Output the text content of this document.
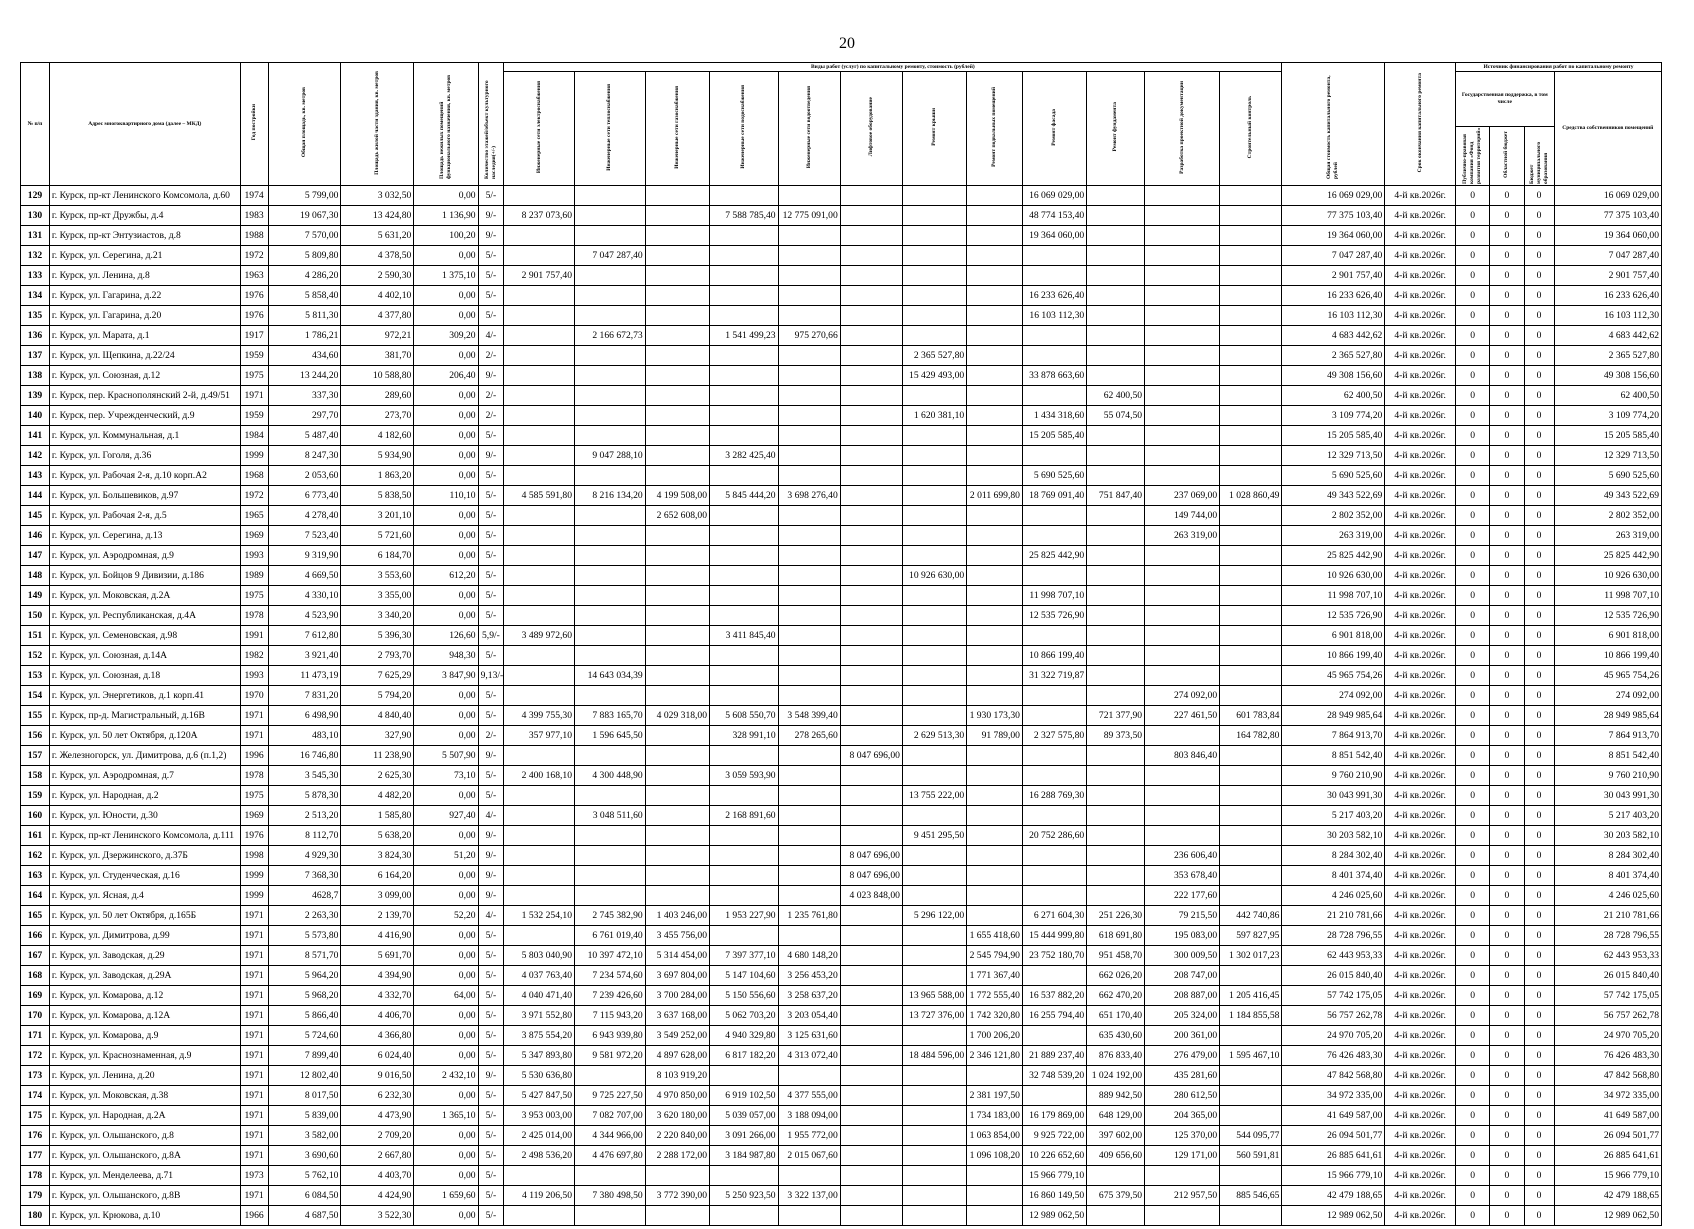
20
№ п/п	Адрес многоквартирного дома (далее – МКД)	Год постройки	Общая площадь, кв. метров	Площадь жилой части здания, кв. метров	Площадь нежилых помещений функционального назначения, кв. метров	Количество этажей/объект культурного наследия(+/-)	Виды работ (услуг) по капитальному ремонту, стоимость (рублей)												Общая стоимость капитального ремонта, рублей	Срок окончания капитального ремонта	Источник финансирования работ по капитальному ремонту			
							Инженерные сети электроснабжения	Инженерные сети теплоснабжения	Инженерные сети газоснабжения	Инженерные сети водоснабжения	Инженерные сети водоотведения	Лифтовое оборудование	Ремонт крыши	Ремонт подвальных помещений	Ремонт фасада	Ремонт фундамента	Разработка проектной документации	Строительный контроль			Государственная поддержка, в том числе			Средства собственников помещений
																					Публично-правовая компания «Фонд развития территорий»	Областной бюджет	Бюджет муниципального образования	
129	г. Курск, пр-кт Ленинского Комсомола, д.60	1974	5 799,00	3 032,50	0,00	5/-									16 069 029,00				16 069 029,00	4-й кв.2026г.	0	0	0	16 069 029,00
130	г. Курск, пр-кт Дружбы, д.4	1983	19 067,30	13 424,80	1 136,90	9/-	8 237 073,60			7 588 785,40	12 775 091,00				48 774 153,40				77 375 103,40	4-й кв.2026г.	0	0	0	77 375 103,40
131	г. Курск, пр-кт Энтузиастов, д.8	1988	7 570,00	5 631,20	100,20	9/-									19 364 060,00				19 364 060,00	4-й кв.2026г.	0	0	0	19 364 060,00
132	г. Курск, ул. Серегина, д.21	1972	5 809,80	4 378,50	0,00	5/-		7 047 287,40											7 047 287,40	4-й кв.2026г.	0	0	0	7 047 287,40
133	г. Курск, ул. Ленина, д.8	1963	4 286,20	2 590,30	1 375,10	5/-	2 901 757,40												2 901 757,40	4-й кв.2026г.	0	0	0	2 901 757,40
134	г. Курск, ул. Гагарина, д.22	1976	5 858,40	4 402,10	0,00	5/-									16 233 626,40				16 233 626,40	4-й кв.2026г.	0	0	0	16 233 626,40
135	г. Курск, ул. Гагарина, д.20	1976	5 811,30	4 377,80	0,00	5/-									16 103 112,30				16 103 112,30	4-й кв.2026г.	0	0	0	16 103 112,30
136	г. Курск, ул. Марата, д.1	1917	1 786,21	972,21	309,20	4/-		2 166 672,73		1 541 499,23	975 270,66								4 683 442,62	4-й кв.2026г.	0	0	0	4 683 442,62
137	г. Курск, ул. Щепкина, д.22/24	1959	434,60	381,70	0,00	2/-							2 365 527,80						2 365 527,80	4-й кв.2026г.	0	0	0	2 365 527,80
138	г. Курск, ул. Союзная, д.12	1975	13 244,20	10 588,80	206,40	9/-							15 429 493,00		33 878 663,60				49 308 156,60	4-й кв.2026г.	0	0	0	49 308 156,60
139	г. Курск, пер. Краснополянский 2-й, д.49/51	1971	337,30	289,60	0,00	2/-										62 400,50			62 400,50	4-й кв.2026г.	0	0	0	62 400,50
140	г. Курск, пер. Учрежденческий, д.9	1959	297,70	273,70	0,00	2/-							1 620 381,10		1 434 318,60	55 074,50			3 109 774,20	4-й кв.2026г.	0	0	0	3 109 774,20
141	г. Курск, ул. Коммунальная, д.1	1984	5 487,40	4 182,60	0,00	5/-									15 205 585,40				15 205 585,40	4-й кв.2026г.	0	0	0	15 205 585,40
142	г. Курск, ул. Гоголя, д.36	1999	8 247,30	5 934,90	0,00	9/-		9 047 288,10		3 282 425,40									12 329 713,50	4-й кв.2026г.	0	0	0	12 329 713,50
143	г. Курск, ул. Рабочая 2-я, д.10 корп.А2	1968	2 053,60	1 863,20	0,00	5/-									5 690 525,60				5 690 525,60	4-й кв.2026г.	0	0	0	5 690 525,60
144	г. Курск, ул. Большевиков, д.97	1972	6 773,40	5 838,50	110,10	5/-	4 585 591,80	8 216 134,20	4 199 508,00	5 845 444,20	3 698 276,40			2 011 699,80	18 769 091,40	751 847,40	237 069,00	1 028 860,49	49 343 522,69	4-й кв.2026г.	0	0	0	49 343 522,69
145	г. Курск, ул. Рабочая 2-я, д.5	1965	4 278,40	3 201,10	0,00	5/-			2 652 608,00								149 744,00		2 802 352,00	4-й кв.2026г.	0	0	0	2 802 352,00
146	г. Курск, ул. Серегина, д.13	1969	7 523,40	5 721,60	0,00	5/-											263 319,00		263 319,00	4-й кв.2026г.	0	0	0	263 319,00
147	г. Курск, ул. Аэродромная, д.9	1993	9 319,90	6 184,70	0,00	5/-									25 825 442,90				25 825 442,90	4-й кв.2026г.	0	0	0	25 825 442,90
148	г. Курск, ул. Бойцов 9 Дивизии, д.186	1989	4 669,50	3 553,60	612,20	5/-							10 926 630,00						10 926 630,00	4-й кв.2026г.	0	0	0	10 926 630,00
149	г. Курск, ул. Моковская, д.2А	1975	4 330,10	3 355,00	0,00	5/-									11 998 707,10				11 998 707,10	4-й кв.2026г.	0	0	0	11 998 707,10
150	г. Курск, ул. Республиканская, д.4А	1978	4 523,90	3 340,20	0,00	5/-									12 535 726,90				12 535 726,90	4-й кв.2026г.	0	0	0	12 535 726,90
151	г. Курск, ул. Семеновская, д.98	1991	7 612,80	5 396,30	126,60	5,9/-	3 489 972,60			3 411 845,40									6 901 818,00	4-й кв.2026г.	0	0	0	6 901 818,00
152	г. Курск, ул. Союзная, д.14А	1982	3 921,40	2 793,70	948,30	5/-									10 866 199,40				10 866 199,40	4-й кв.2026г.	0	0	0	10 866 199,40
153	г. Курск, ул. Союзная, д.18	1993	11 473,19	7 625,29	3 847,90	9,13/-		14 643 034,39							31 322 719,87				45 965 754,26	4-й кв.2026г.	0	0	0	45 965 754,26
154	г. Курск, ул. Энергетиков, д.1 корп.41	1970	7 831,20	5 794,20	0,00	5/-											274 092,00		274 092,00	4-й кв.2026г.	0	0	0	274 092,00
155	г. Курск, пр-д. Магистральный, д.16В	1971	6 498,90	4 840,40	0,00	5/-	4 399 755,30	7 883 165,70	4 029 318,00	5 608 550,70	3 548 399,40			1 930 173,30		721 377,90	227 461,50	601 783,84	28 949 985,64	4-й кв.2026г.	0	0	0	28 949 985,64
156	г. Курск, ул. 50 лет Октября, д.120А	1971	483,10	327,90	0,00	2/-	357 977,10	1 596 645,50		328 991,10	278 265,60		2 629 513,30	91 789,00	2 327 575,80	89 373,50		164 782,80	7 864 913,70	4-й кв.2026г.	0	0	0	7 864 913,70
157	г. Железногорск, ул. Димитрова, д.6 (п.1,2)	1996	16 746,80	11 238,90	5 507,90	9/-						8 047 696,00					803 846,40		8 851 542,40	4-й кв.2026г.	0	0	0	8 851 542,40
158	г. Курск, ул. Аэродромная, д.7	1978	3 545,30	2 625,30	73,10	5/-	2 400 168,10	4 300 448,90		3 059 593,90									9 760 210,90	4-й кв.2026г.	0	0	0	9 760 210,90
159	г. Курск, ул. Народная, д.2	1975	5 878,30	4 482,20	0,00	5/-							13 755 222,00		16 288 769,30				30 043 991,30	4-й кв.2026г.	0	0	0	30 043 991,30
160	г. Курск, ул. Юности, д.30	1969	2 513,20	1 585,80	927,40	4/-		3 048 511,60		2 168 891,60									5 217 403,20	4-й кв.2026г.	0	0	0	5 217 403,20
161	г. Курск, пр-кт Ленинского Комсомола, д.111	1976	8 112,70	5 638,20	0,00	9/-							9 451 295,50		20 752 286,60				30 203 582,10	4-й кв.2026г.	0	0	0	30 203 582,10
162	г. Курск, ул. Дзержинского, д.37Б	1998	4 929,30	3 824,30	51,20	9/-						8 047 696,00					236 606,40		8 284 302,40	4-й кв.2026г.	0	0	0	8 284 302,40
163	г. Курск, ул. Студенческая, д.16	1999	7 368,30	6 164,20	0,00	9/-						8 047 696,00					353 678,40		8 401 374,40	4-й кв.2026г.	0	0	0	8 401 374,40
164	г. Курск, ул. Ясная, д.4	1999	4628,7	3 099,00	0,00	9/-						4 023 848,00					222 177,60		4 246 025,60	4-й кв.2026г.	0	0	0	4 246 025,60
165	г. Курск, ул. 50 лет Октября, д.165Б	1971	2 263,30	2 139,70	52,20	4/-	1 532 254,10	2 745 382,90	1 403 246,00	1 953 227,90	1 235 761,80		5 296 122,00		6 271 604,30	251 226,30	79 215,50	442 740,86	21 210 781,66	4-й кв.2026г.	0	0	0	21 210 781,66
166	г. Курск, ул. Димитрова, д.99	1971	5 573,80	4 416,90	0,00	5/-		6 761 019,40	3 455 756,00					1 655 418,60	15 444 999,80	618 691,80	195 083,00	597 827,95	28 728 796,55	4-й кв.2026г.	0	0	0	28 728 796,55
167	г. Курск, ул. Заводская, д.29	1971	8 571,70	5 691,70	0,00	5/-	5 803 040,90	10 397 472,10	5 314 454,00	7 397 377,10	4 680 148,20			2 545 794,90	23 752 180,70	951 458,70	300 009,50	1 302 017,23	62 443 953,33	4-й кв.2026г.	0	0	0	62 443 953,33
168	г. Курск, ул. Заводская, д.29А	1971	5 964,20	4 394,90	0,00	5/-	4 037 763,40	7 234 574,60	3 697 804,00	5 147 104,60	3 256 453,20			1 771 367,40		662 026,20	208 747,00		26 015 840,40	4-й кв.2026г.	0	0	0	26 015 840,40
169	г. Курск, ул. Комарова, д.12	1971	5 968,20	4 332,70	64,00	5/-	4 040 471,40	7 239 426,60	3 700 284,00	5 150 556,60	3 258 637,20		13 965 588,00	1 772 555,40	16 537 882,20	662 470,20	208 887,00	1 205 416,45	57 742 175,05	4-й кв.2026г.	0	0	0	57 742 175,05
170	г. Курск, ул. Комарова, д.12А	1971	5 866,40	4 406,70	0,00	5/-	3 971 552,80	7 115 943,20	3 637 168,00	5 062 703,20	3 203 054,40		13 727 376,00	1 742 320,80	16 255 794,40	651 170,40	205 324,00	1 184 855,58	56 757 262,78	4-й кв.2026г.	0	0	0	56 757 262,78
171	г. Курск, ул. Комарова, д.9	1971	5 724,60	4 366,80	0,00	5/-	3 875 554,20	6 943 939,80	3 549 252,00	4 940 329,80	3 125 631,60			1 700 206,20		635 430,60	200 361,00		24 970 705,20	4-й кв.2026г.	0	0	0	24 970 705,20
172	г. Курск, ул. Краснознаменная, д.9	1971	7 899,40	6 024,40	0,00	5/-	5 347 893,80	9 581 972,20	4 897 628,00	6 817 182,20	4 313 072,40		18 484 596,00	2 346 121,80	21 889 237,40	876 833,40	276 479,00	1 595 467,10	76 426 483,30	4-й кв.2026г.	0	0	0	76 426 483,30
173	г. Курск, ул. Ленина, д.20	1971	12 802,40	9 016,50	2 432,10	9/-	5 530 636,80		8 103 919,20						32 748 539,20	1 024 192,00	435 281,60		47 842 568,80	4-й кв.2026г.	0	0	0	47 842 568,80
174	г. Курск, ул. Моковская, д.38	1971	8 017,50	6 232,30	0,00	5/-	5 427 847,50	9 725 227,50	4 970 850,00	6 919 102,50	4 377 555,00			2 381 197,50		889 942,50	280 612,50		34 972 335,00	4-й кв.2026г.	0	0	0	34 972 335,00
175	г. Курск, ул. Народная, д.2А	1971	5 839,00	4 473,90	1 365,10	5/-	3 953 003,00	7 082 707,00	3 620 180,00	5 039 057,00	3 188 094,00			1 734 183,00	16 179 869,00	648 129,00	204 365,00		41 649 587,00	4-й кв.2026г.	0	0	0	41 649 587,00
176	г. Курск, ул. Ольшанского, д.8	1971	3 582,00	2 709,20	0,00	5/-	2 425 014,00	4 344 966,00	2 220 840,00	3 091 266,00	1 955 772,00			1 063 854,00	9 925 722,00	397 602,00	125 370,00	544 095,77	26 094 501,77	4-й кв.2026г.	0	0	0	26 094 501,77
177	г. Курск, ул. Ольшанского, д.8А	1971	3 690,60	2 667,80	0,00	5/-	2 498 536,20	4 476 697,80	2 288 172,00	3 184 987,80	2 015 067,60			1 096 108,20	10 226 652,60	409 656,60	129 171,00	560 591,81	26 885 641,61	4-й кв.2026г.	0	0	0	26 885 641,61
178	г. Курск, ул. Менделеева, д.71	1973	5 762,10	4 403,70	0,00	5/-									15 966 779,10				15 966 779,10	4-й кв.2026г.	0	0	0	15 966 779,10
179	г. Курск, ул. Ольшанского, д.8В	1971	6 084,50	4 424,90	1 659,60	5/-	4 119 206,50	7 380 498,50	3 772 390,00	5 250 923,50	3 322 137,00				16 860 149,50	675 379,50	212 957,50	885 546,65	42 479 188,65	4-й кв.2026г.	0	0	0	42 479 188,65
180	г. Курск, ул. Крюкова, д.10	1966	4 687,50	3 522,30	0,00	5/-									12 989 062,50				12 989 062,50	4-й кв.2026г.	0	0	0	12 989 062,50
